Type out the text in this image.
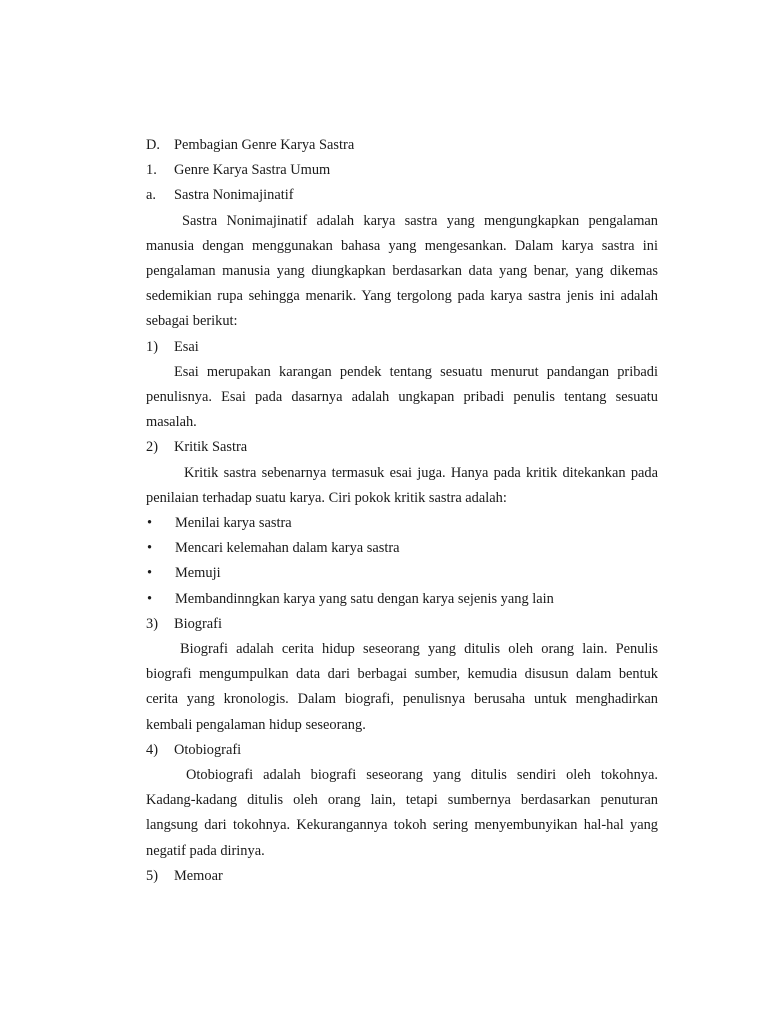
D. Pembagian Genre Karya Sastra
1. Genre Karya Sastra Umum
a. Sastra Nonimajinatif

Sastra Nonimajinatif adalah karya sastra yang mengungkapkan pengalaman manusia dengan menggunakan bahasa yang mengesankan. Dalam karya sastra ini pengalaman manusia yang diungkapkan berdasarkan data yang benar, yang dikemas sedemikian rupa sehingga menarik. Yang tergolong pada karya sastra jenis ini adalah sebagai berikut:

1) Esai

Esai merupakan karangan pendek tentang sesuatu menurut pandangan pribadi penulisnya. Esai pada dasarnya adalah ungkapan pribadi penulis tentang sesuatu masalah.

2) Kritik Sastra

Kritik sastra sebenarnya termasuk esai juga. Hanya pada kritik ditekankan pada penilaian terhadap suatu karya. Ciri pokok kritik sastra adalah:

• Menilai karya sastra
• Mencari kelemahan dalam karya sastra
• Memuji
• Membandinngkan karya yang satu dengan karya sejenis yang lain
3) Biografi

Biografi adalah cerita hidup seseorang yang ditulis oleh orang lain. Penulis biografi mengumpulkan data dari berbagai sumber, kemudia disusun dalam bentuk cerita yang kronologis. Dalam biografi, penulisnya berusaha untuk menghadirkan kembali pengalaman hidup seseorang.

4) Otobiografi

Otobiografi adalah biografi seseorang yang ditulis sendiri oleh tokohnya. Kadang-kadang ditulis oleh orang lain, tetapi sumbernya berdasarkan penuturan langsung dari tokohnya. Kekurangannya tokoh sering menyembunyikan hal-hal yang negatif pada dirinya.

5) Memoar
